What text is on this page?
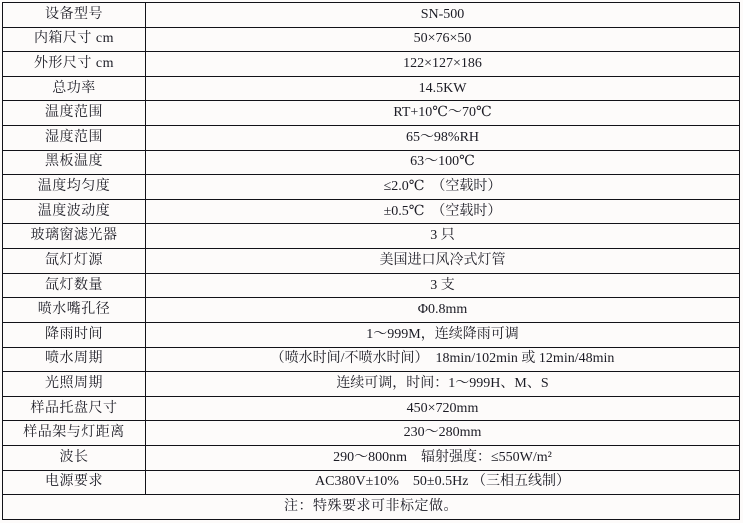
设备型号	SN-500
内箱尺寸 cm	50×76×50
外形尺寸 cm	122×127×186
总功率	14.5KW
温度范围	RT+10℃～70℃
湿度范围	65～98%RH
黑板温度	63～100℃
温度均匀度	≤2.0℃　（空载时）
温度波动度	±0.5℃　（空载时）
玻璃窗滤光器	3 只
氙灯灯源	美国进口风冷式灯管
氙灯数量	3 支
喷水嘴孔径	Φ0.8mm
降雨时间	1～999M，连续降雨可调
喷水周期	（喷水时间/不喷水时间）　18min/102min 或 12min/48min
光照周期	连续可调，时间：1～999H、M、S
样品托盘尺寸	450×720mm
样品架与灯距离	230～280mm
波长	290～800nm　辐射强度：≤550W/m²
电源要求	AC380V±10%　50±0.5Hz （三相五线制）
注：特殊要求可非标定做。	
